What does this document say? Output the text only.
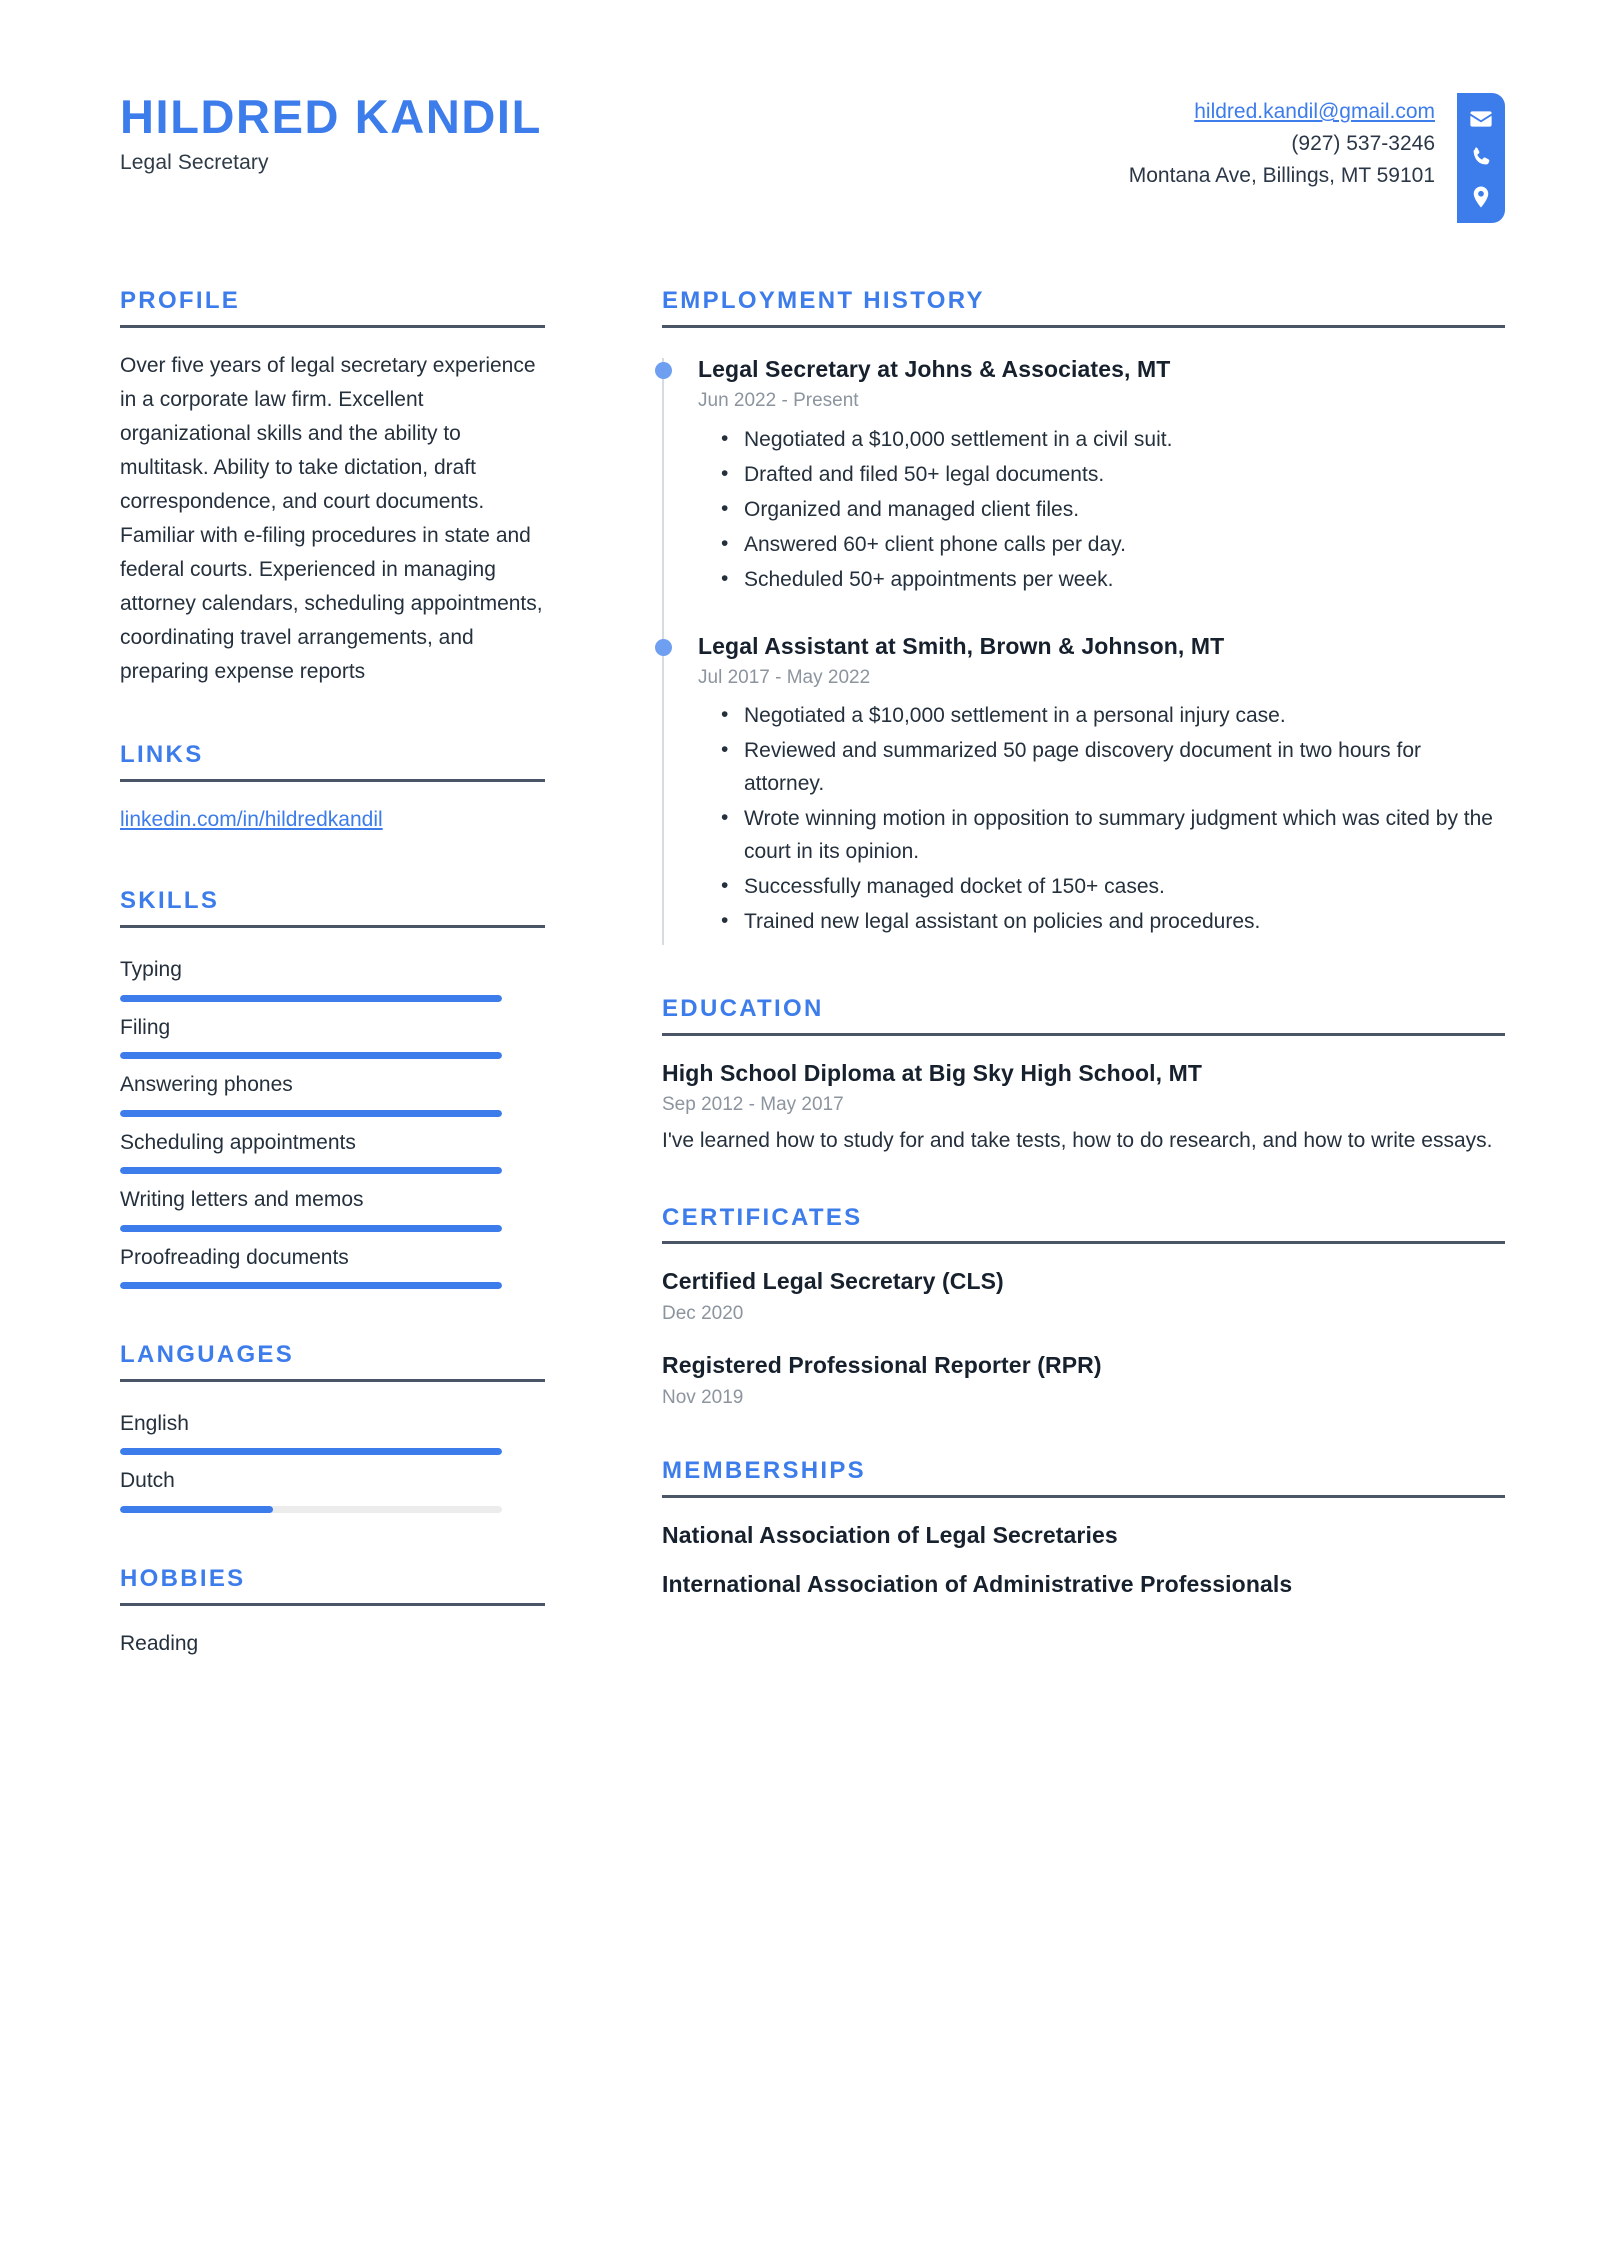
HILDRED KANDIL
Legal Secretary
hildred.kandil@gmail.com
(927) 537-3246
Montana Ave, Billings, MT 59101
PROFILE

Over five years of legal secretary experience in a corporate law firm. Excellent organizational skills and the ability to multitask. Ability to take dictation, draft correspondence, and court documents. Familiar with e-filing procedures in state and federal courts. Experienced in managing attorney calendars, scheduling appointments, coordinating travel arrangements, and preparing expense reports

LINKS
linkedin.com/in/hildredkandil
SKILLS
Typing
Filing
Answering phones
Scheduling appointments
Writing letters and memos
Proofreading documents
LANGUAGES
English
Dutch
HOBBIES
Reading
EMPLOYMENT HISTORY
Legal Secretary at Johns & Associates, MT
Jun 2022 - Present
• Negotiated a $10,000 settlement in a civil suit.
• Drafted and filed 50+ legal documents.
• Organized and managed client files.
• Answered 60+ client phone calls per day.
• Scheduled 50+ appointments per week.
Legal Assistant at Smith, Brown & Johnson, MT
Jul 2017 - May 2022
• Negotiated a $10,000 settlement in a personal injury case.
• Reviewed and summarized 50 page discovery document in two hours for attorney.
• Wrote winning motion in opposition to summary judgment which was cited by the court in its opinion.
• Successfully managed docket of 150+ cases.
• Trained new legal assistant on policies and procedures.
EDUCATION
High School Diploma at Big Sky High School, MT
Sep 2012 - May 2017
I've learned how to study for and take tests, how to do research, and how to write essays.
CERTIFICATES
Certified Legal Secretary (CLS)
Dec 2020
Registered Professional Reporter (RPR)
Nov 2019
MEMBERSHIPS
National Association of Legal Secretaries
International Association of Administrative Professionals
